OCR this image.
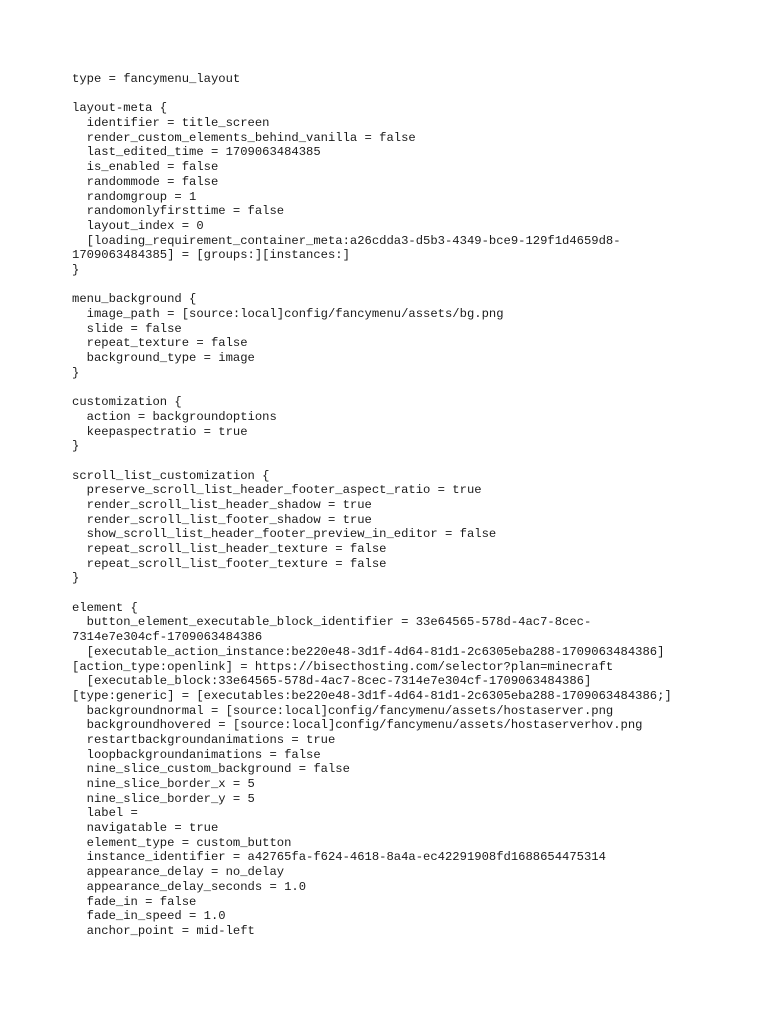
type = fancymenu_layout
layout-meta {
identifier = title_screen
render_custom_elements_behind_vanilla = false
last_edited_time = 1709063484385
is_enabled = false
randommode = false
randomgroup = 1
randomonlyfirsttime = false
layout_index = 0
[loading_requirement_container_meta:a26cdda3-d5b3-4349-bce9-129f1d4659d8-
1709063484385] = [groups:][instances:]
}
menu_background {
image_path = [source:local]config/fancymenu/assets/bg.png
slide = false
repeat_texture = false
background_type = image
}
customization {
action = backgroundoptions
keepaspectratio = true
}
scroll_list_customization {
preserve_scroll_list_header_footer_aspect_ratio = true
render_scroll_list_header_shadow = true
render_scroll_list_footer_shadow = true
show_scroll_list_header_footer_preview_in_editor = false
repeat_scroll_list_header_texture = false
repeat_scroll_list_footer_texture = false
}
element {
button_element_executable_block_identifier = 33e64565-578d-4ac7-8cec-
7314e7e304cf-1709063484386
[executable_action_instance:be220e48-3d1f-4d64-81d1-2c6305eba288-1709063484386]
[action_type:openlink] = https://bisecthosting.com/selector?plan=minecraft
[executable_block:33e64565-578d-4ac7-8cec-7314e7e304cf-1709063484386]
[type:generic] = [executables:be220e48-3d1f-4d64-81d1-2c6305eba288-1709063484386;]
backgroundnormal = [source:local]config/fancymenu/assets/hostaserver.png
backgroundhovered = [source:local]config/fancymenu/assets/hostaserverhov.png
restartbackgroundanimations = true
loopbackgroundanimations = false
nine_slice_custom_background = false
nine_slice_border_x = 5
nine_slice_border_y = 5
label =
navigatable = true
element_type = custom_button
instance_identifier = a42765fa-f624-4618-8a4a-ec42291908fd1688654475314
appearance_delay = no_delay
appearance_delay_seconds = 1.0
fade_in = false
fade_in_speed = 1.0
anchor_point = mid-left
